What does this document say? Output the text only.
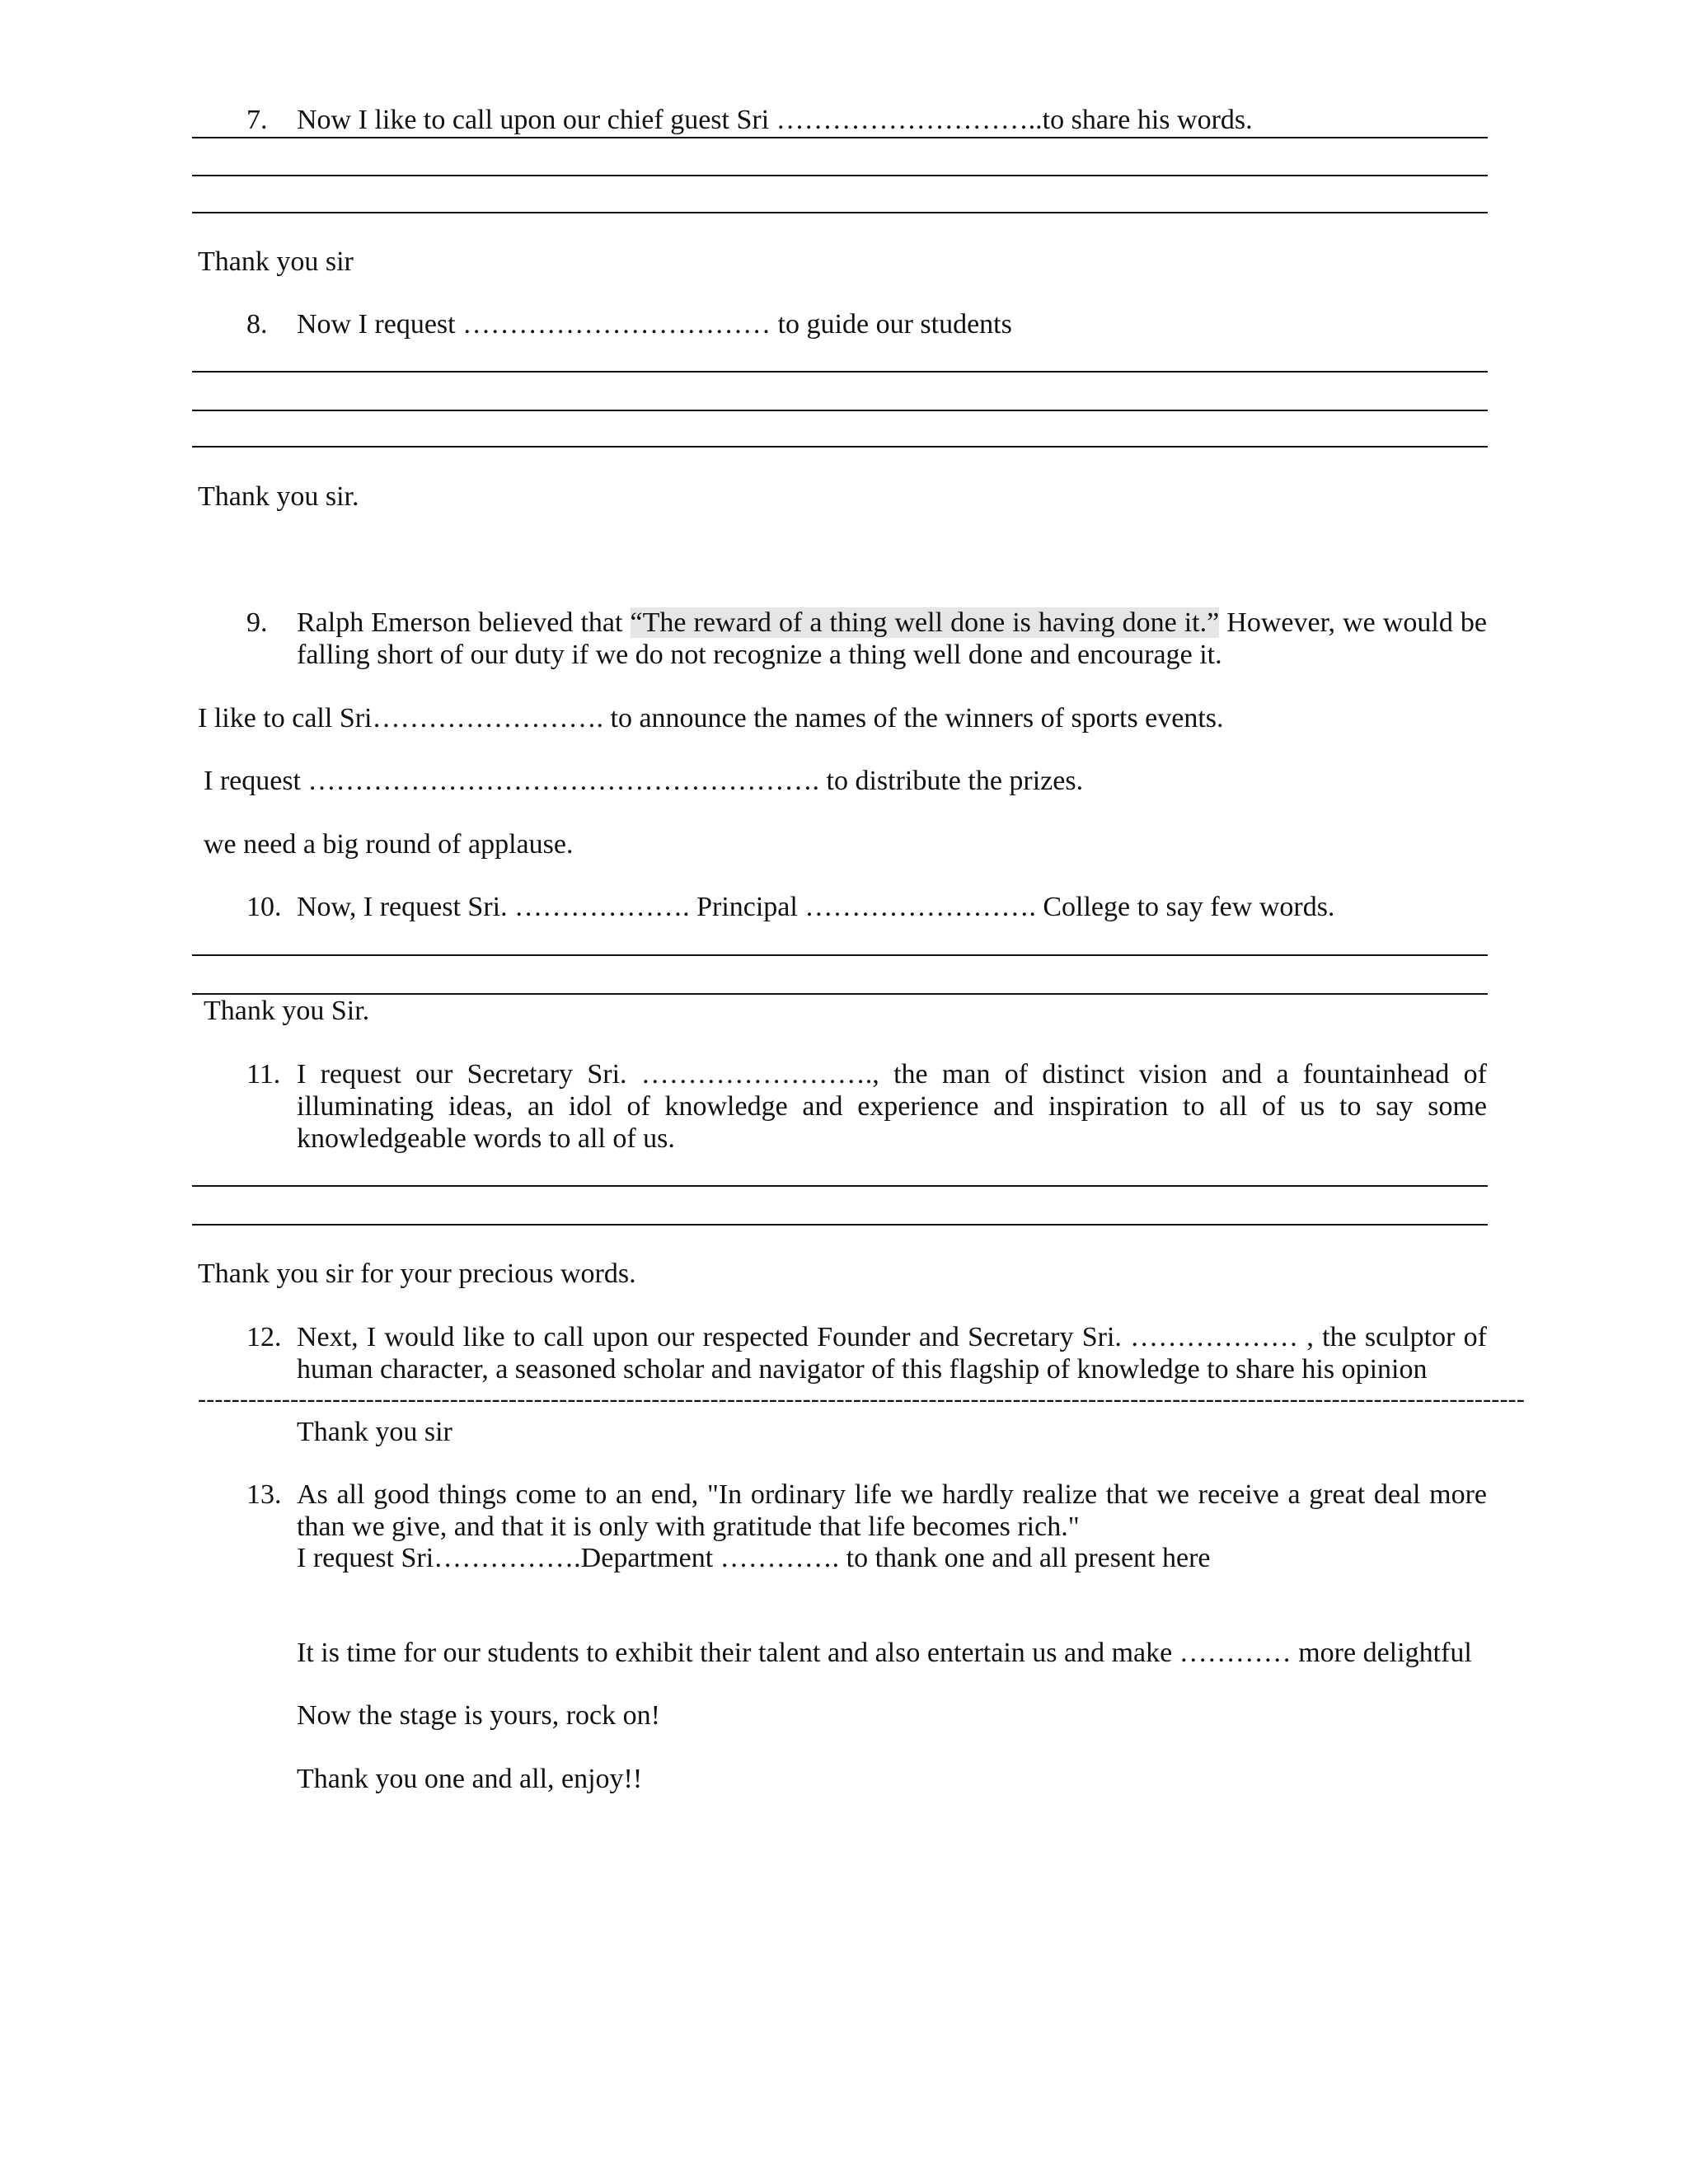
7. Now I like to call upon our chief guest Sri ………………………..to share his words.
Thank you sir
8. Now I request …………………………… to guide our students
Thank you sir.
9. Ralph Emerson believed that “The reward of a thing well done is having done it.” However, we would be falling short of our duty if we do not recognize a thing well done and encourage it.
I like to call Sri……………………. to announce the names of the winners of sports events.
I request ………………………………………………. to distribute the prizes.
we need a big round of applause.
10. Now, I request Sri. ………………. Principal ……………………. College to say few words.
Thank you Sir.
11. I request our Secretary Sri. ……………………., the man of distinct vision and a fountainhead of illuminating ideas, an idol of knowledge and experience and inspiration to all of us to say some knowledgeable words to all of us.
Thank you sir for your precious words.
12. Next, I would like to call upon our respected Founder and Secretary Sri. ……………… , the sculptor of human character, a seasoned scholar and navigator of this flagship of knowledge to share his opinion
--------------------------------------------------------------------------------------------------------------------------------------------------------------
Thank you sir
13. As all good things come to an end, "In ordinary life we hardly realize that we receive a great deal more than we give, and that it is only with gratitude that life becomes rich."
I request Sri…………….Department …………. to thank one and all present here
It is time for our students to exhibit their talent and also entertain us and make ………… more delightful
Now the stage is yours, rock on!
Thank you one and all, enjoy!!
